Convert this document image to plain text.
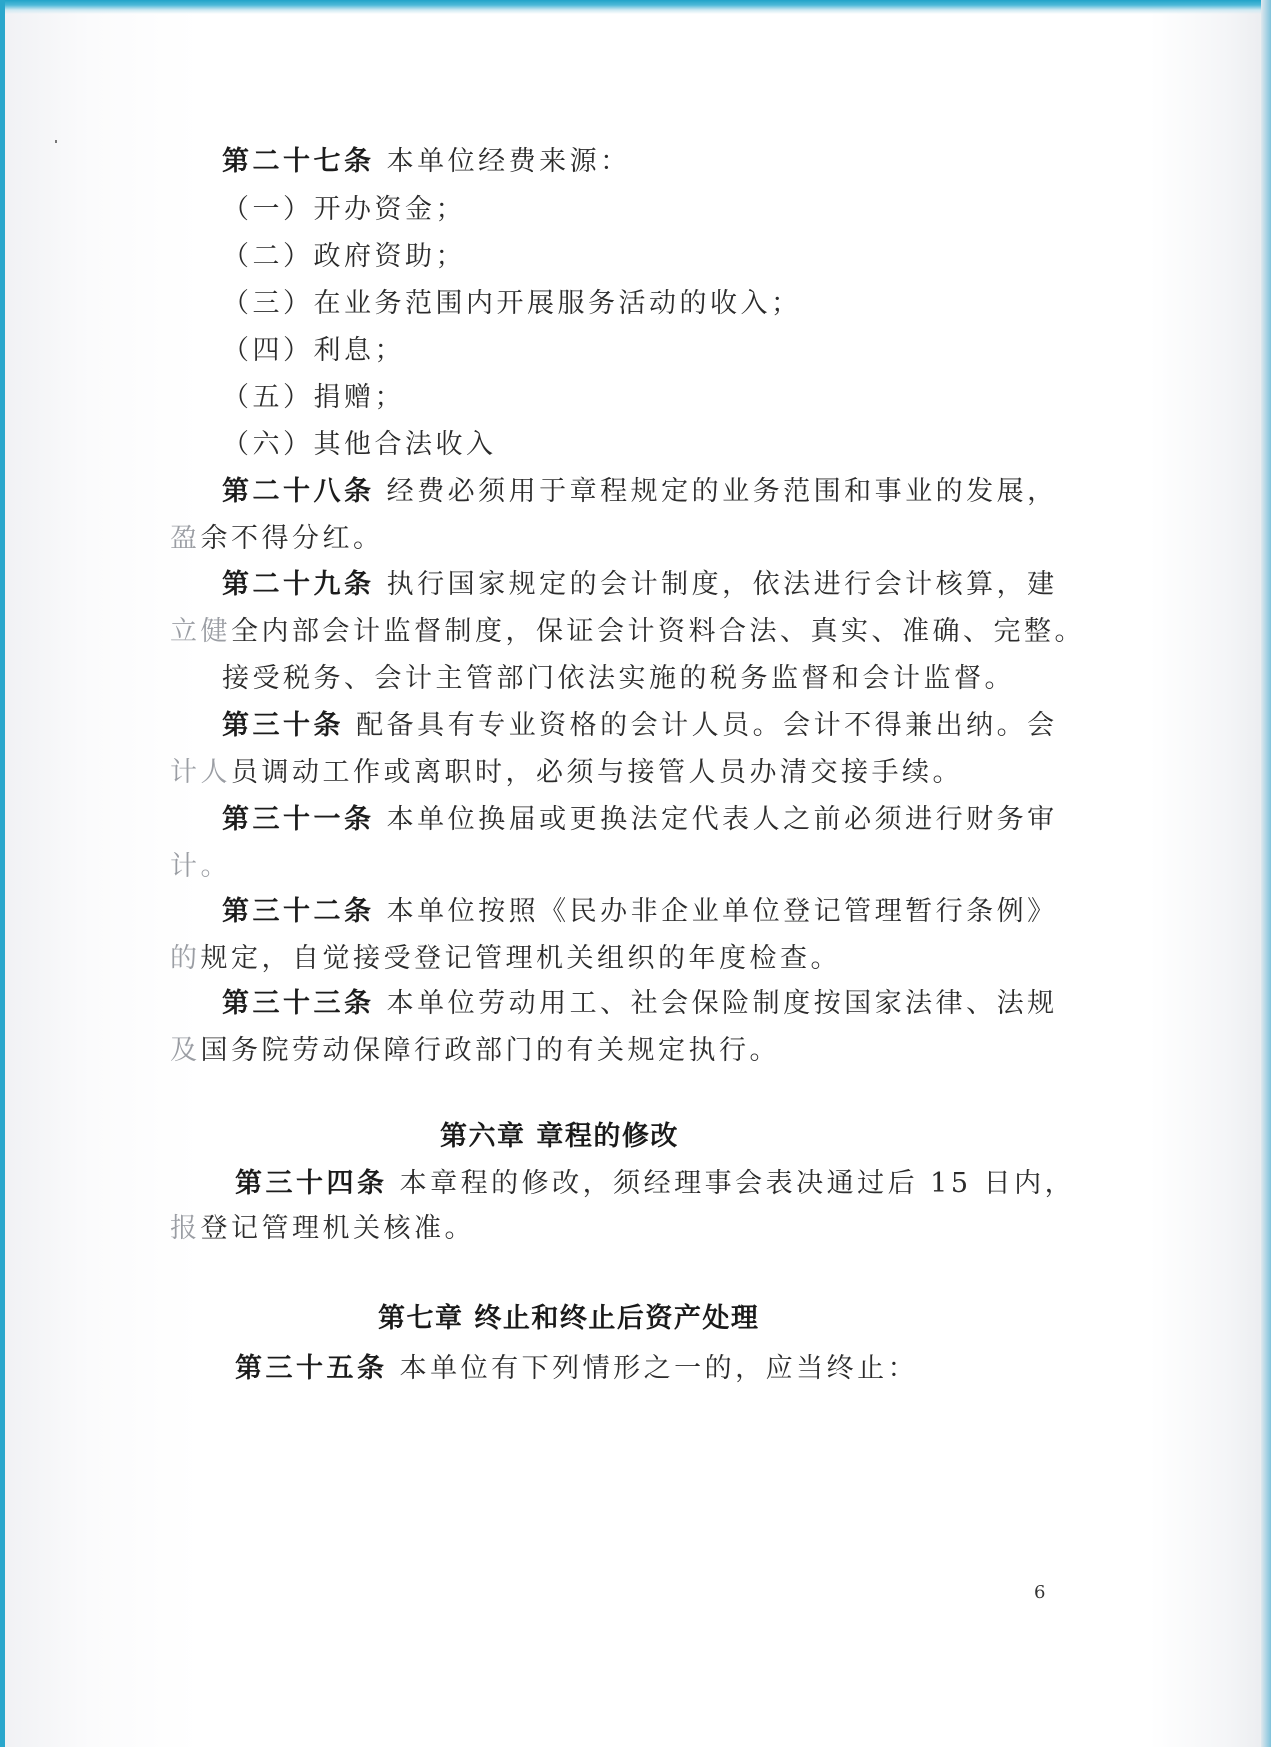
第二十七条 本单位经费来源：
（一）开办资金；
（二）政府资助；
（三）在业务范围内开展服务活动的收入；
（四）利息；
（五）捐赠；
（六）其他合法收入
第二十八条 经费必须用于章程规定的业务范围和事业的发展，
盈余不得分红。
第二十九条 执行国家规定的会计制度，依法进行会计核算，建
立健全内部会计监督制度，保证会计资料合法、真实、准确、完整。
接受税务、会计主管部门依法实施的税务监督和会计监督。
第三十条 配备具有专业资格的会计人员。会计不得兼出纳。会
计人员调动工作或离职时，必须与接管人员办清交接手续。
第三十一条 本单位换届或更换法定代表人之前必须进行财务审
计。
第三十二条 本单位按照《民办非企业单位登记管理暂行条例》
的规定，自觉接受登记管理机关组织的年度检查。
第三十三条 本单位劳动用工、社会保险制度按国家法律、法规
及国务院劳动保障行政部门的有关规定执行。
第六章 章程的修改
第三十四条 本章程的修改，须经理事会表决通过后 15 日内，
报登记管理机关核准。
第七章 终止和终止后资产处理
第三十五条 本单位有下列情形之一的，应当终止：
6
